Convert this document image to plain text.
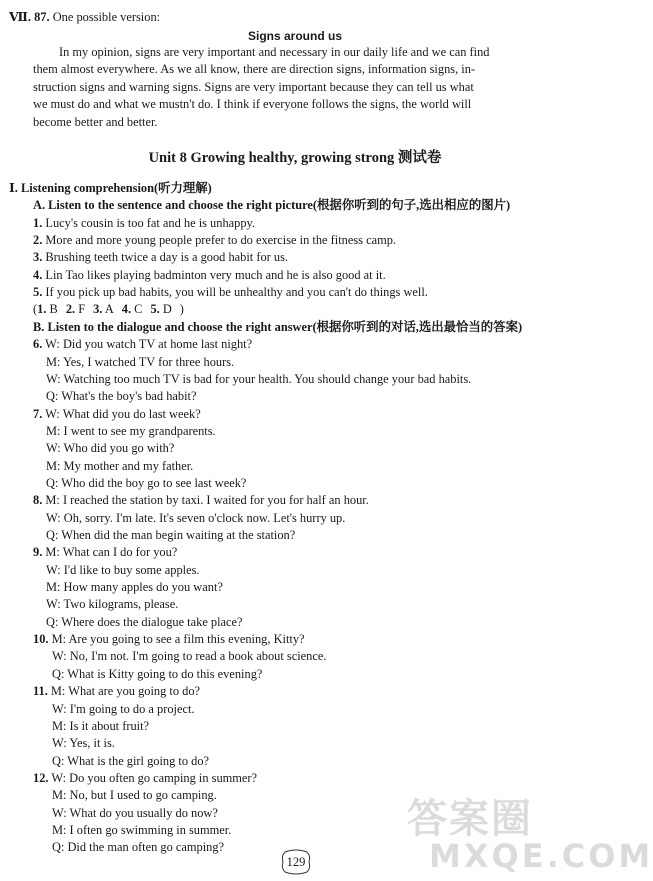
Ⅶ. 87. One possible version:
Signs around us

In my opinion, signs are very important and necessary in our daily life and we can find

them almost everywhere. As we all know, there are direction signs, information signs, in-

struction signs and warning signs. Signs are very important because they can tell us what

we must do and what we mustn't do. I think if everyone follows the signs, the world will

become better and better.

Unit 8 Growing healthy, growing strong 测试卷
Ⅰ. Listening comprehension(听力理解)
A. Listen to the sentence and choose the right picture(根据你听到的句子,选出相应的图片)
1. Lucy's cousin is too fat and he is unhappy.
2. More and more young people prefer to do exercise in the fitness camp.
3. Brushing teeth twice a day is a good habit for us.
4. Lin Tao likes playing badminton very much and he is also good at it.
5. If you pick up bad habits, you will be unhealthy and you can't do things well.
(1. B 2. F 3. A 4. C 5. D )
B. Listen to the dialogue and choose the right answer(根据你听到的对话,选出最恰当的答案)
6. W: Did you watch TV at home last night?
M: Yes, I watched TV for three hours.
W: Watching too much TV is bad for your health. You should change your bad habits.
Q: What's the boy's bad habit?
7. W: What did you do last week?
M: I went to see my grandparents.
W: Who did you go with?
M: My mother and my father.
Q: Who did the boy go to see last week?
8. M: I reached the station by taxi. I waited for you for half an hour.
W: Oh, sorry. I'm late. It's seven o'clock now. Let's hurry up.
Q: When did the man begin waiting at the station?
9. M: What can I do for you?
W: I'd like to buy some apples.
M: How many apples do you want?
W: Two kilograms, please.
Q: Where does the dialogue take place?
10. M: Are you going to see a film this evening, Kitty?
W: No, I'm not. I'm going to read a book about science.
Q: What is Kitty going to do this evening?
11. M: What are you going to do?
W: I'm going to do a project.
M: Is it about fruit?
W: Yes, it is.
Q: What is the girl going to do?
12. W: Do you often go camping in summer?
M: No, but I used to go camping.
W: What do you usually do now?
M: I often go swimming in summer.
Q: Did the man often go camping?
129
答案圈
MXQE.COM
